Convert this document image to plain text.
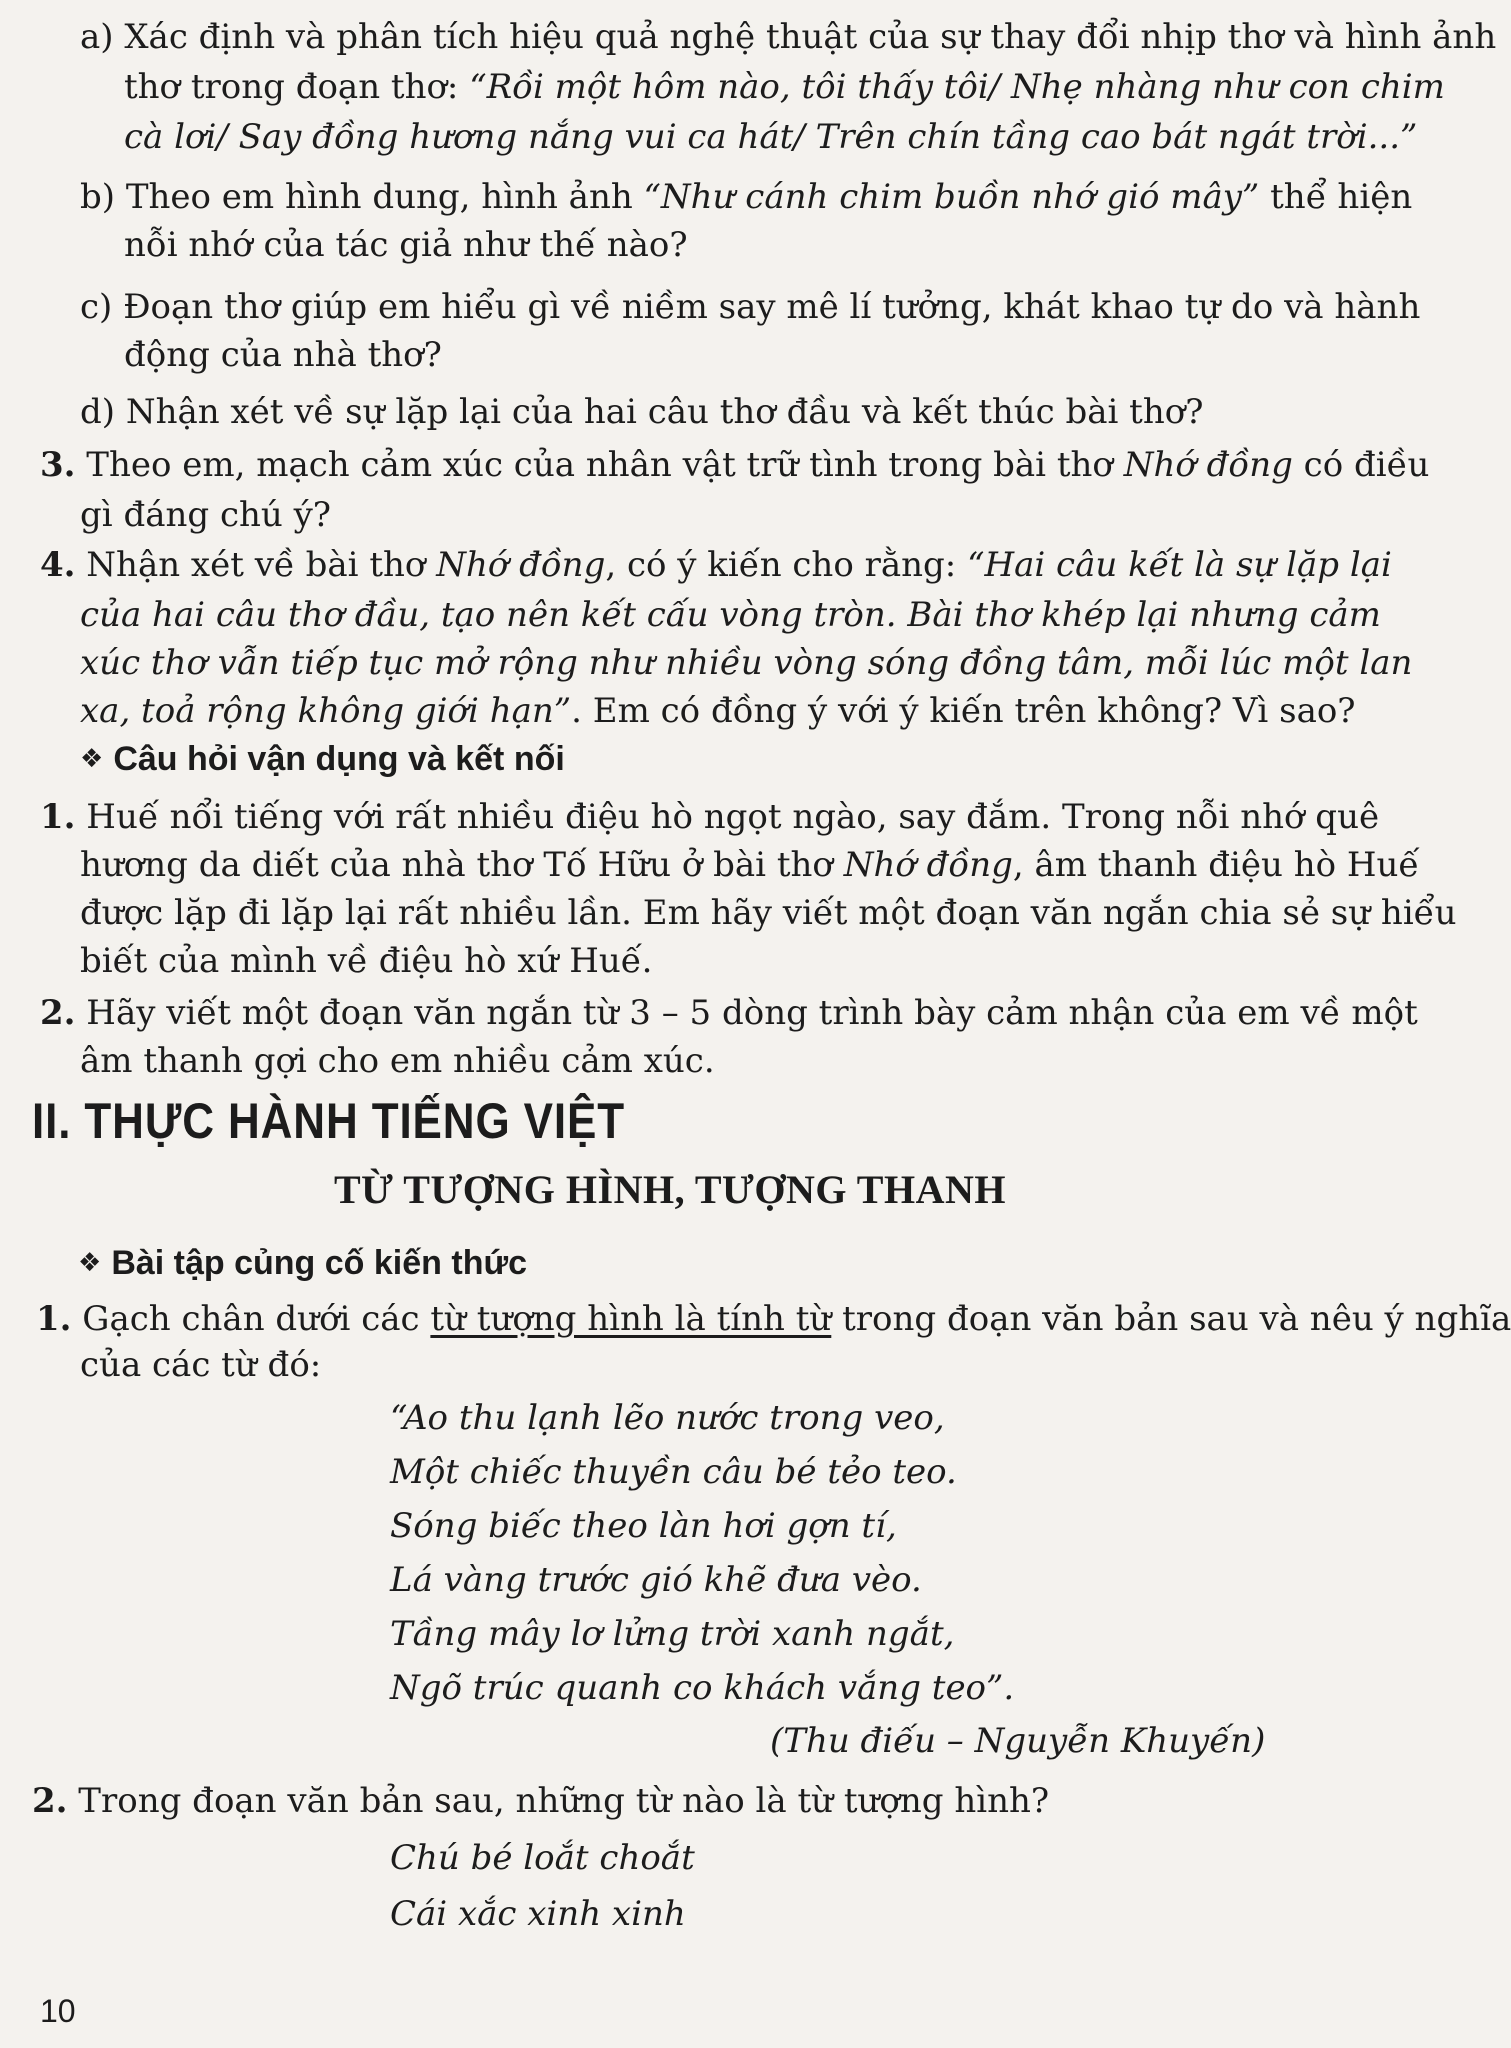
a) Xác định và phân tích hiệu quả nghệ thuật của sự thay đổi nhịp thơ và hình ảnh
thơ trong đoạn thơ: “Rồi một hôm nào, tôi thấy tôi/ Nhẹ nhàng như con chim
cà lơi/ Say đồng hương nắng vui ca hát/ Trên chín tầng cao bát ngát trời...”
b) Theo em hình dung, hình ảnh “Như cánh chim buồn nhớ gió mây” thể hiện
nỗi nhớ của tác giả như thế nào?
c) Đoạn thơ giúp em hiểu gì về niềm say mê lí tưởng, khát khao tự do và hành
động của nhà thơ?
d) Nhận xét về sự lặp lại của hai câu thơ đầu và kết thúc bài thơ?
3. Theo em, mạch cảm xúc của nhân vật trữ tình trong bài thơ Nhớ đồng có điều
gì đáng chú ý?
4. Nhận xét về bài thơ Nhớ đồng, có ý kiến cho rằng: “Hai câu kết là sự lặp lại
của hai câu thơ đầu, tạo nên kết cấu vòng tròn. Bài thơ khép lại nhưng cảm
xúc thơ vẫn tiếp tục mở rộng như nhiều vòng sóng đồng tâm, mỗi lúc một lan
xa, toả rộng không giới hạn”. Em có đồng ý với ý kiến trên không? Vì sao?
❖ Câu hỏi vận dụng và kết nối
1. Huế nổi tiếng với rất nhiều điệu hò ngọt ngào, say đắm. Trong nỗi nhớ quê
hương da diết của nhà thơ Tố Hữu ở bài thơ Nhớ đồng, âm thanh điệu hò Huế
được lặp đi lặp lại rất nhiều lần. Em hãy viết một đoạn văn ngắn chia sẻ sự hiểu
biết của mình về điệu hò xứ Huế.
2. Hãy viết một đoạn văn ngắn từ 3 – 5 dòng trình bày cảm nhận của em về một
âm thanh gợi cho em nhiều cảm xúc.
II. THỰC HÀNH TIẾNG VIỆT
TỪ TƯỢNG HÌNH, TƯỢNG THANH
❖ Bài tập củng cố kiến thức
1. Gạch chân dưới các từ tượng hình là tính từ trong đoạn văn bản sau và nêu ý nghĩa
của các từ đó:
“Ao thu lạnh lẽo nước trong veo,
Một chiếc thuyền câu bé tẻo teo.
Sóng biếc theo làn hơi gợn tí,
Lá vàng trước gió khẽ đưa vèo.
Tầng mây lơ lửng trời xanh ngắt,
Ngõ trúc quanh co khách vắng teo”.
(Thu điếu – Nguyễn Khuyến)
2. Trong đoạn văn bản sau, những từ nào là từ tượng hình?
Chú bé loắt choắt
Cái xắc xinh xinh
10
